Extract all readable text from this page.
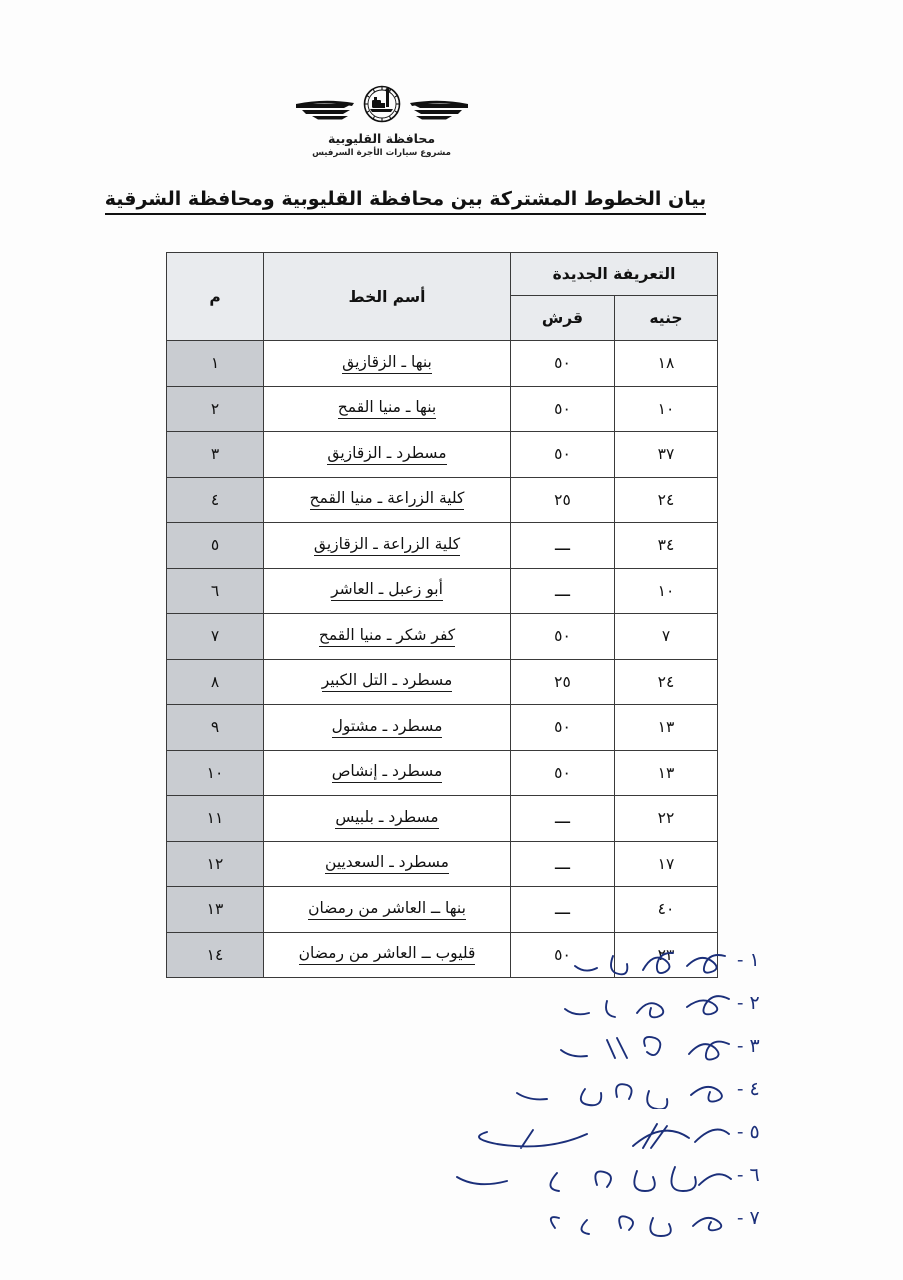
محافظة القليوبية
مشروع سيارات الأجرة السرفيس
بيان الخطوط المشتركة بين محافظة القليوبية ومحافظة الشرقية
التعريفة الجديدة		أسم الخط	م
جنيه	قرش		
١٨	٥٠	بنها ـ الزقازيق	١
١٠	٥٠	بنها ـ منيا القمح	٢
٣٧	٥٠	مسطرد ـ الزقازيق	٣
٢٤	٢٥	كلية الزراعة ـ منيا القمح	٤
٣٤	ـــ	كلية الزراعة ـ الزقازيق	٥
١٠	ـــ	أبو زعبل ـ العاشر	٦
٧	٥٠	كفر شكر ـ منيا القمح	٧
٢٤	٢٥	مسطرد ـ التل الكبير	٨
١٣	٥٠	مسطرد ـ مشتول	٩
١٣	٥٠	مسطرد ـ إنشاص	١٠
٢٢	ـــ	مسطرد ـ بلبيس	١١
١٧	ـــ	مسطرد ـ السعديين	١٢
٤٠	ـــ	بنها ــ العاشر من رمضان	١٣
٢٣	٥٠	قليوب ــ العاشر من رمضان	١٤	١ -
٢ -
٣ -
٤ -
٥ -
٦ -
٧ -
